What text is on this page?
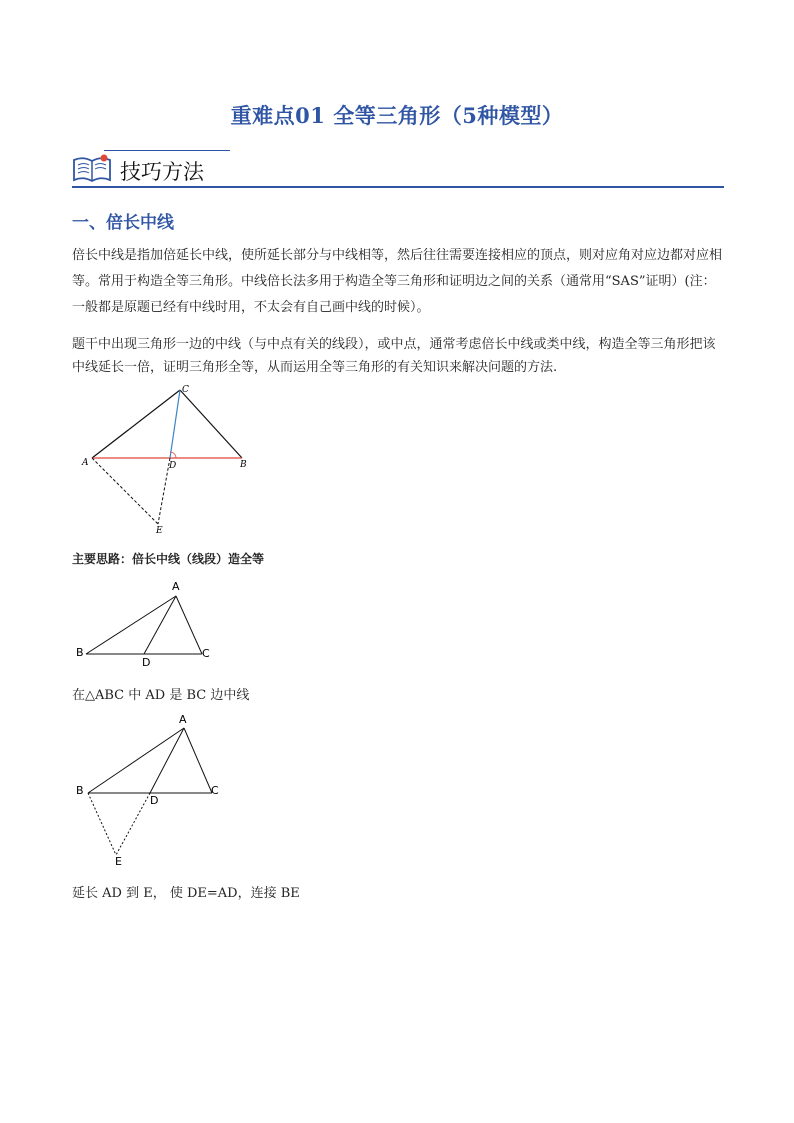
重难点01 全等三角形（5种模型）
技巧方法
一、倍长中线
倍长中线是指加倍延长中线，使所延长部分与中线相等，然后往往需要连接相应的顶点，则对应角对应边都对应相等。常用于构造全等三角形。中线倍长法多用于构造全等三角形和证明边之间的关系（通常用“SAS”证明）(注：一般都是原题已经有中线时用，不太会有自己画中线的时候）。
题干中出现三角形一边的中线（与中点有关的线段），或中点，通常考虑倍长中线或类中线，构造全等三角形把该中线延长一倍，证明三角形全等，从而运用全等三角形的有关知识来解决问题的方法.
C
A	D	B
E
主要思路：倍长中线（线段）造全等
A
B
D
C
在△ABC 中 AD 是 BC 边中线
A
B
D
C
E
延长 AD 到 E， 使 DE=AD，连接 BE
